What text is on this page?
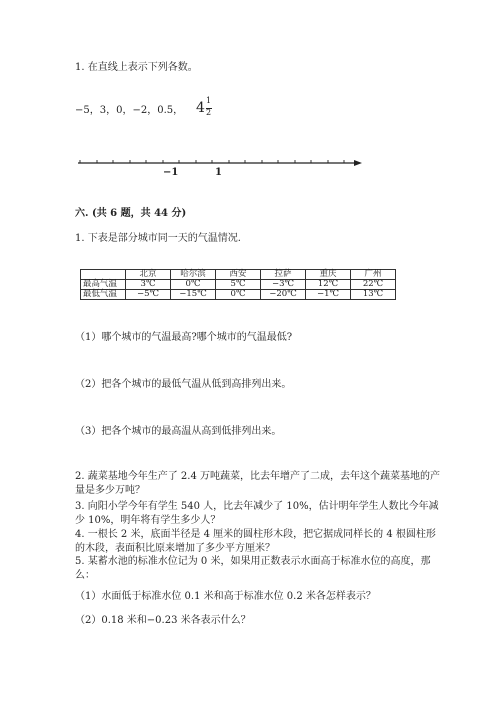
1. 在直线上表示下列各数。
−5，3，0，−2，0.5， 4 1
2
−1	1
六. (共 6 题，共 44 分)
1. 下表是部分城市同一天的气温情况.
	北京	哈尔滨	西安	拉萨	重庆	广州
最高气温	3℃	0℃	5℃	−3℃	12℃	22℃
最低气温	−5℃	−15℃	0℃	−20℃	−1℃	13℃
（1）哪个城市的气温最高?哪个城市的气温最低?
（2）把各个城市的最低气温从低到高排列出来。
（3）把各个城市的最高温从高到低排列出来。
2. 蔬菜基地今年生产了 2.4 万吨蔬菜，比去年增产了二成，去年这个蔬菜基地的产量是多少万吨？
3. 向阳小学今年有学生 540 人，比去年减少了 10%，估计明年学生人数比今年减少 10%，明年将有学生多少人？
4. 一根长 2 米，底面半径是 4 厘米的圆柱形木段，把它据成同样长的 4 根圆柱形的木段，表面积比原来增加了多少平方厘米？
5. 某蓄水池的标准水位记为 0 米，如果用正数表示水面高于标准水位的高度，那么：
（1）水面低于标准水位 0.1 米和高于标准水位 0.2 米各怎样表示？
（2）0.18 米和−0.23 米各表示什么？
